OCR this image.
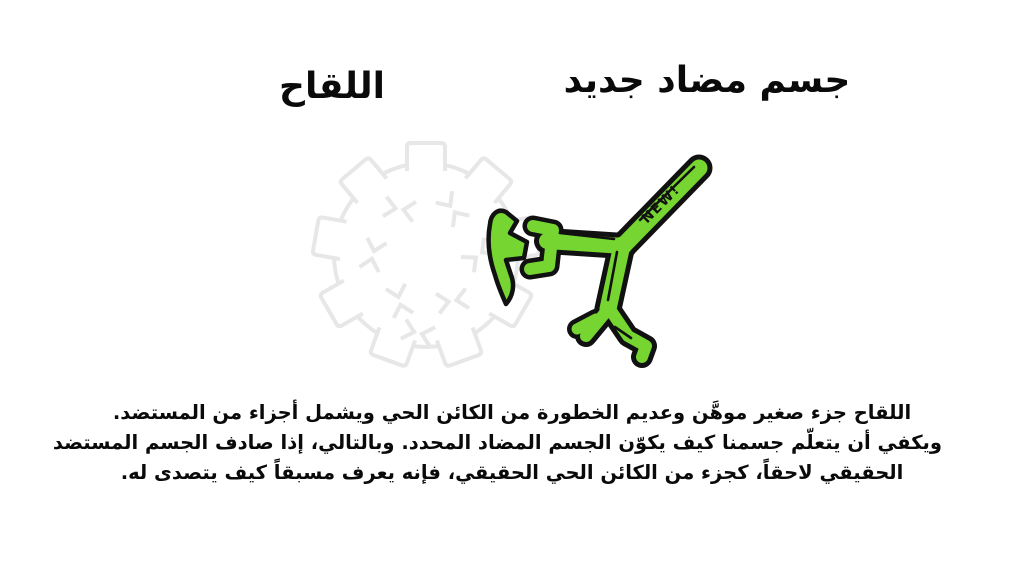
جسم مضاد جديد
اللقاح
NEW!
اللقاح جزء صغير موهَّن وعديم الخطورة من الكائن الحي ويشمل أجزاء من المستضد.
ويكفي أن يتعلّم جسمنا كيف يكوّن الجسم المضاد المحدد. وبالتالي، إذا صادف الجسم المستضد
الحقيقي لاحقاً، كجزء من الكائن الحي الحقيقي، فإنه يعرف مسبقاً كيف يتصدى له.
